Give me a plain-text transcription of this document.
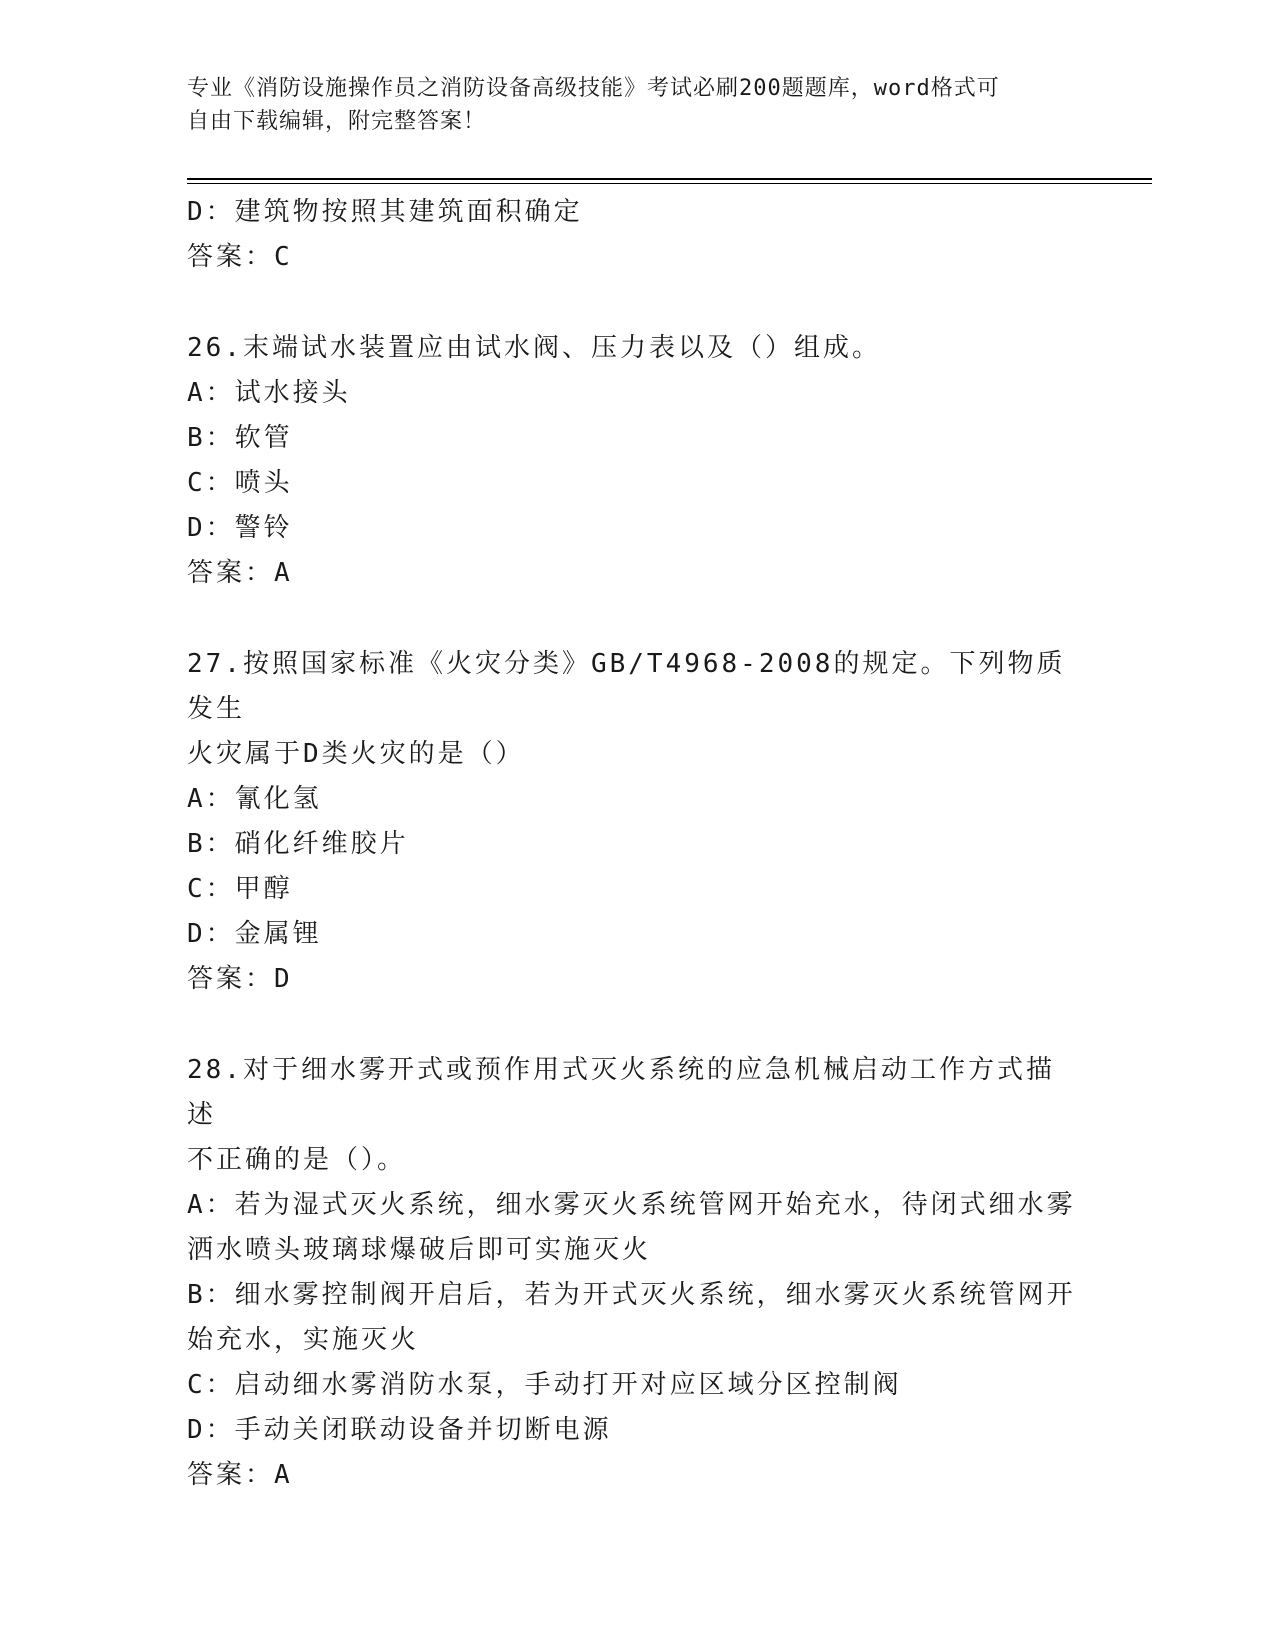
专业《消防设施操作员之消防设备高级技能》考试必刷200题题库，word格式可
自由下载编辑，附完整答案！
D：建筑物按照其建筑面积确定
答案：C
26.末端试水装置应由试水阀、压力表以及（）组成。
A：试水接头
B：软管
C：喷头
D：警铃
答案：A
27.按照国家标准《火灾分类》GB/T4968-2008的规定。下列物质发生
火灾属于D类火灾的是（）
A：氰化氢
B：硝化纤维胶片
C：甲醇
D：金属锂
答案：D
28.对于细水雾开式或预作用式灭火系统的应急机械启动工作方式描述
不正确的是（）。
A：若为湿式灭火系统，细水雾灭火系统管网开始充水，待闭式细水雾
洒水喷头玻璃球爆破后即可实施灭火
B：细水雾控制阀开启后，若为开式灭火系统，细水雾灭火系统管网开
始充水，实施灭火
C：启动细水雾消防水泵，手动打开对应区域分区控制阀
D：手动关闭联动设备并切断电源
答案：A
